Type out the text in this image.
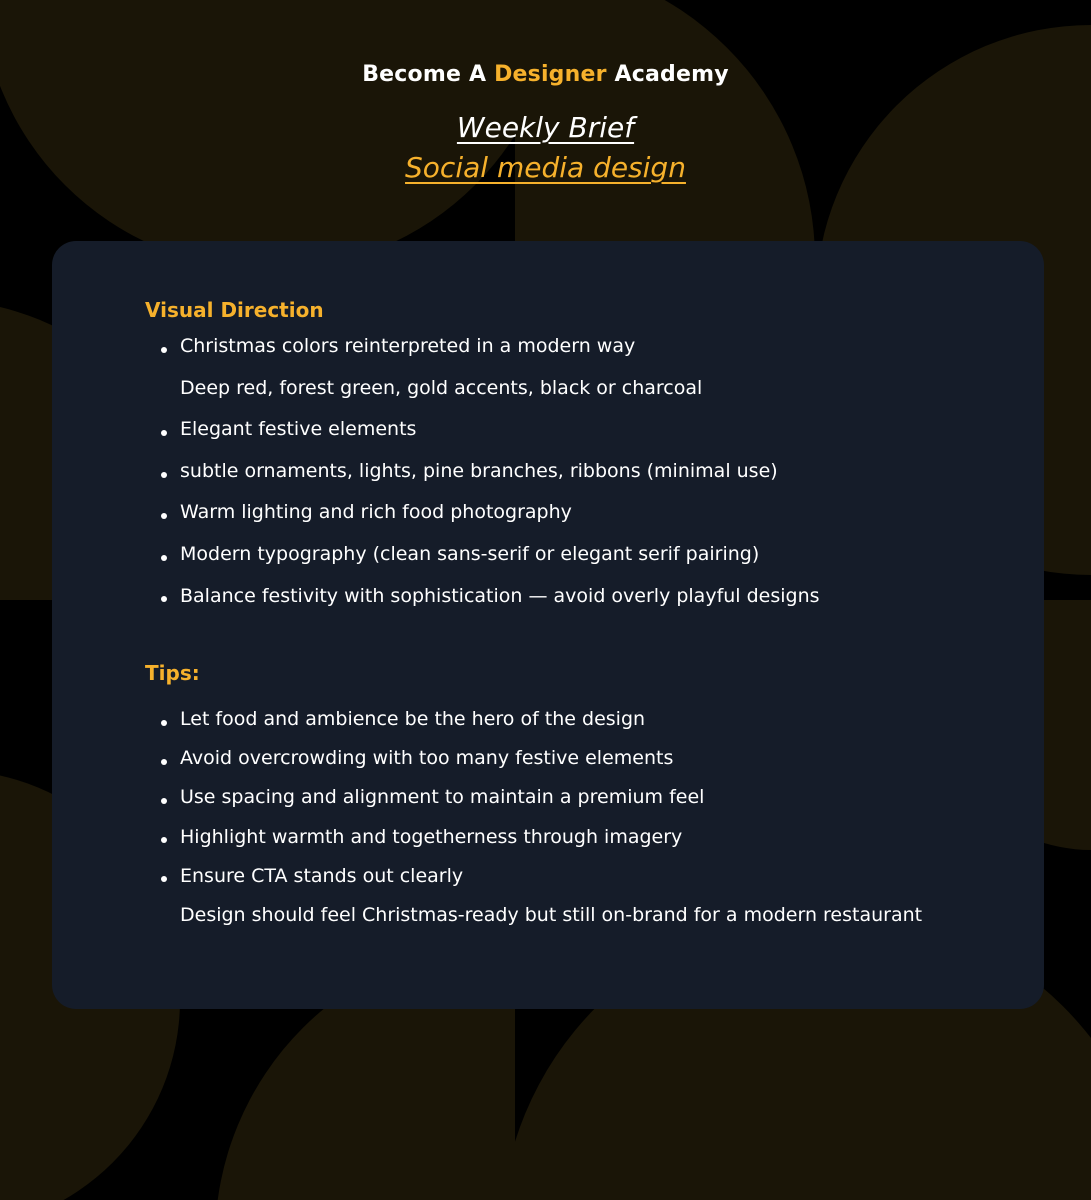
Become A Designer Academy
Weekly Brief
Social media design
Visual Direction
Christmas colors reinterpreted in a modern way
Deep red, forest green, gold accents, black or charcoal
Elegant festive elements
subtle ornaments, lights, pine branches, ribbons (minimal use)
Warm lighting and rich food photography
Modern typography (clean sans-serif or elegant serif pairing)
Balance festivity with sophistication — avoid overly playful designs
Tips:
Let food and ambience be the hero of the design
Avoid overcrowding with too many festive elements
Use spacing and alignment to maintain a premium feel
Highlight warmth and togetherness through imagery
Ensure CTA stands out clearly
Design should feel Christmas-ready but still on-brand for a modern restaurant
